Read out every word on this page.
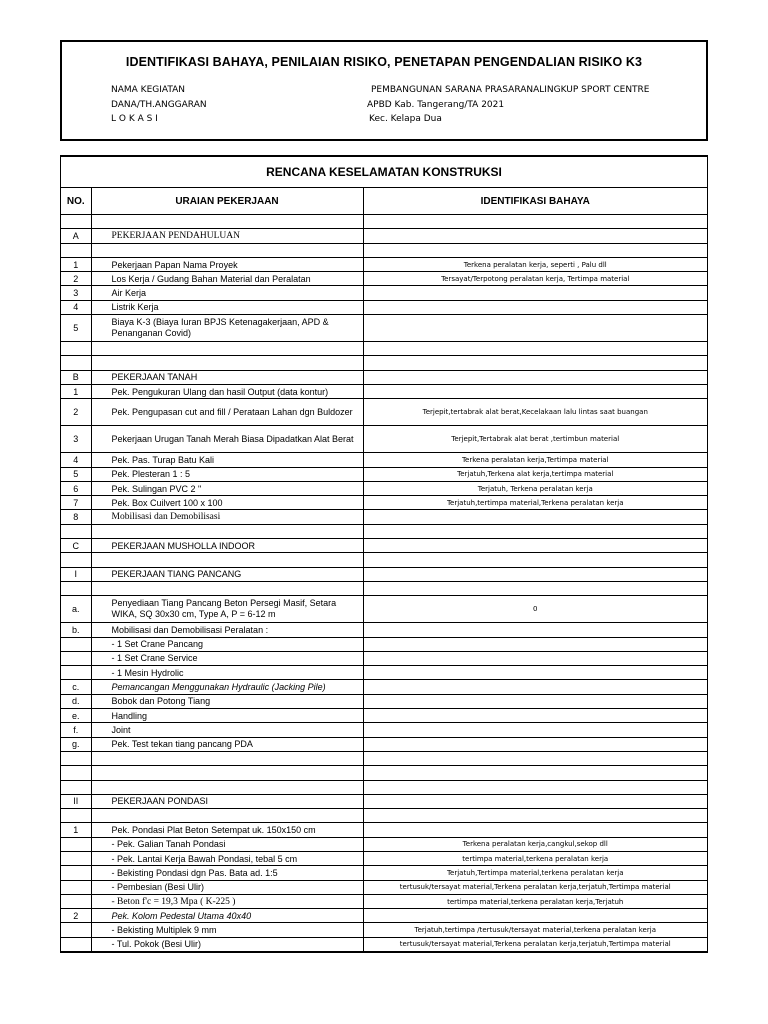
IDENTIFIKASI BAHAYA, PENILAIAN RISIKO, PENETAPAN PENGENDALIAN RISIKO K3
NAMA KEGIATAN	PEMBANGUNAN SARANA PRASARANALINGKUP SPORT CENTRE
DANA/TH.ANGGARAN	APBD Kab. Tangerang/TA 2021
L O K A S I	Kec. Kelapa Dua
RENCANA KESELAMATAN KONSTRUKSI
NO.	URAIAN PEKERJAAN	IDENTIFIKASI BAHAYA

A	PEKERJAAN PENDAHULUAN	

1	Pekerjaan Papan Nama Proyek	Terkena peralatan kerja, seperti , Palu dll
2	Los Kerja / Gudang Bahan Material dan Peralatan	Tersayat/Terpotong peralatan kerja, Tertimpa material
3	Air Kerja	
4	Listrik Kerja	
5	Biaya K-3 (Biaya Iuran BPJS Ketenagakerjaan, APD & Penanganan Covid)	

B	PEKERJAAN TANAH	
1	Pek. Pengukuran Ulang dan hasil Output (data kontur)	
2	Pek. Pengupasan cut and fill / Perataan Lahan dgn Buldozer	Terjepit,tertabrak alat berat,Kecelakaan lalu lintas saat buangan
3	Pekerjaan Urugan Tanah Merah Biasa Dipadatkan Alat Berat	Terjepit,Tertabrak alat berat ,tertimbun material
4	Pek. Pas. Turap Batu Kali	Terkena peralatan kerja,Tertimpa material
5	Pek. Plesteran 1 : 5	Terjatuh,Terkena alat kerja,tertimpa material
6	Pek. Sulingan PVC 2 "	Terjatuh, Terkena peralatan kerja
7	Pek. Box Cuilvert 100 x 100	Terjatuh,tertimpa material,Terkena peralatan kerja
8	Mobilisasi dan Demobilisasi	

C	PEKERJAAN MUSHOLLA INDOOR	

I	PEKERJAAN TIANG PANCANG	

a.	Penyediaan Tiang Pancang Beton Persegi Masif, Setara WIKA, SQ 30x30 cm, Type A, P = 6-12 m	0
b.	Mobilisasi dan Demobilisasi Peralatan :	
	- 1 Set Crane Pancang	
	- 1 Set Crane Service	
	- 1 Mesin Hydrolic	
c.	Pemancangan Menggunakan Hydraulic (Jacking Pile)	
d.	Bobok dan Potong Tiang	
e.	Handling	
f.	Joint	
g.	Pek. Test tekan tiang pancang PDA	

II	PEKERJAAN PONDASI	

1	Pek. Pondasi Plat Beton Setempat uk. 150x150 cm	
	- Pek. Galian Tanah Pondasi	Terkena peralatan kerja,cangkul,sekop dll
	- Pek. Lantai Kerja Bawah Pondasi, tebal 5 cm	tertimpa material,terkena peralatan kerja
	- Bekisting Pondasi dgn Pas. Bata ad. 1:5	Terjatuh,Tertimpa material,terkena peralatan kerja
	- Pembesian (Besi Ulir)	tertusuk/tersayat material,Terkena peralatan kerja,terjatuh,Tertimpa material
	- Beton f'c = 19,3 Mpa ( K-225 )	tertimpa material,terkena peralatan kerja,Terjatuh
2	Pek. Kolom Pedestal Utama 40x40	
	- Bekisting Multiplek 9 mm	Terjatuh,tertimpa /tertusuk/tersayat material,terkena peralatan kerja
	- Tul. Pokok (Besi Ulir)	tertusuk/tersayat material,Terkena peralatan kerja,terjatuh,Tertimpa material
